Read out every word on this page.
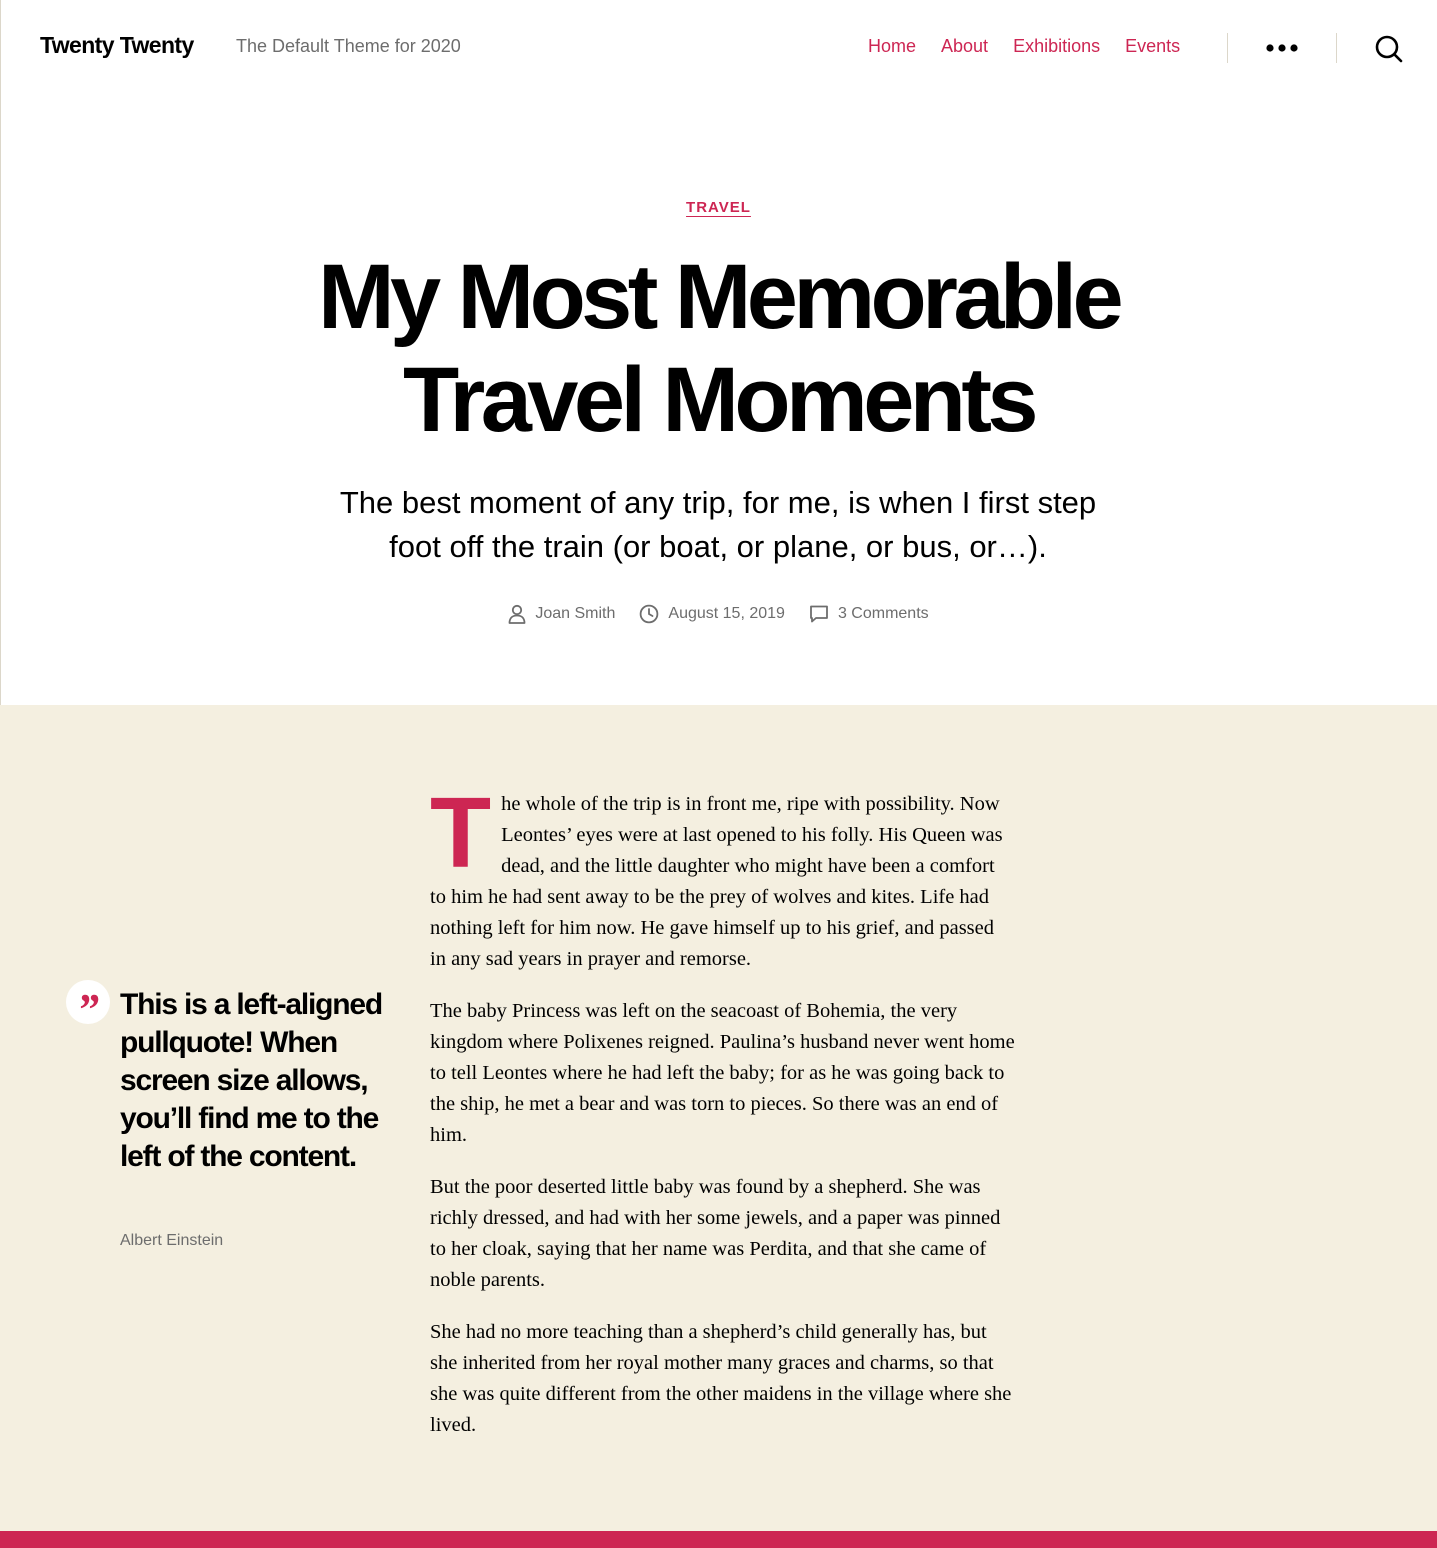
Twenty Twenty The Default Theme for 2020	Home About Exhibitions Events
TRAVEL
My Most Memorable
Travel Moments

The best moment of any trip, for me, is when I first step
foot off the train (or boat, or plane, or bus, or…).

Joan Smith	August 15, 2019	3 Comments
” This is a left-aligned pullquote! When screen size allows, you’ll find me to the left of the content.

Albert Einstein

The whole of the trip is in front me, ripe with possibility. Now Leontes’ eyes were at last opened to his folly. His Queen was dead, and the little daughter who might have been a comfort to him he had sent away to be the prey of wolves and kites. Life had nothing left for him now. He gave himself up to his grief, and passed in any sad years in prayer and remorse.

The baby Princess was left on the seacoast of Bohemia, the very kingdom where Polixenes reigned. Paulina’s husband never went home to tell Leontes where he had left the baby; for as he was going back to the ship, he met a bear and was torn to pieces. So there was an end of him.

But the poor deserted little baby was found by a shepherd. She was richly dressed, and had with her some jewels, and a paper was pinned to her cloak, saying that her name was Perdita, and that she came of noble parents.

She had no more teaching than a shepherd’s child generally has, but she inherited from her royal mother many graces and charms, so that she was quite different from the other maidens in the village where she lived.
